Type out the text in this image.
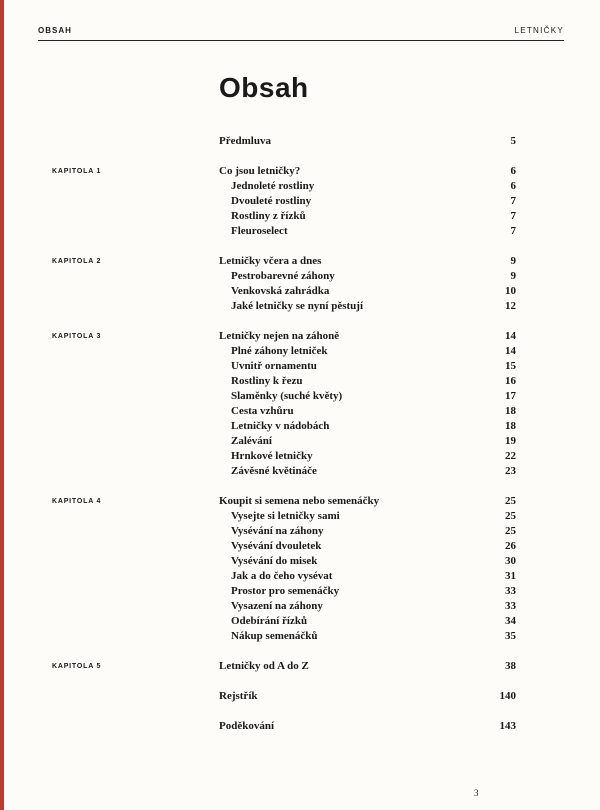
OBSAH	LETNIČKY
Obsah
Předmluva	5
KAPITOLA 1	Co jsou letničky?	6
Jednoleté rostliny	6
Dvouleté rostliny	7
Rostliny z řízků	7
Fleuroselect	7
KAPITOLA 2	Letničky včera a dnes	9
Pestrobarevné záhony	9
Venkovská zahrádka	10
Jaké letničky se nyní pěstují	12
KAPITOLA 3	Letničky nejen na záhoně	14
Plné záhony letniček	14
Uvnitř ornamentu	15
Rostliny k řezu	16
Slaměnky (suché květy)	17
Cesta vzhůru	18
Letničky v nádobách	18
Zalévání	19
Hrnkové letničky	22
Závěsné květináče	23
KAPITOLA 4	Koupit si semena nebo semenáčky	25
Vysejte si letničky sami	25
Vysévání na záhony	25
Vysévání dvouletek	26
Vysévání do misek	30
Jak a do čeho vysévat	31
Prostor pro semenáčky	33
Vysazení na záhony	33
Odebírání řízků	34
Nákup semenáčků	35
KAPITOLA 5	Letničky od A do Z	38
Rejstřík	140
Poděkování	143
3
